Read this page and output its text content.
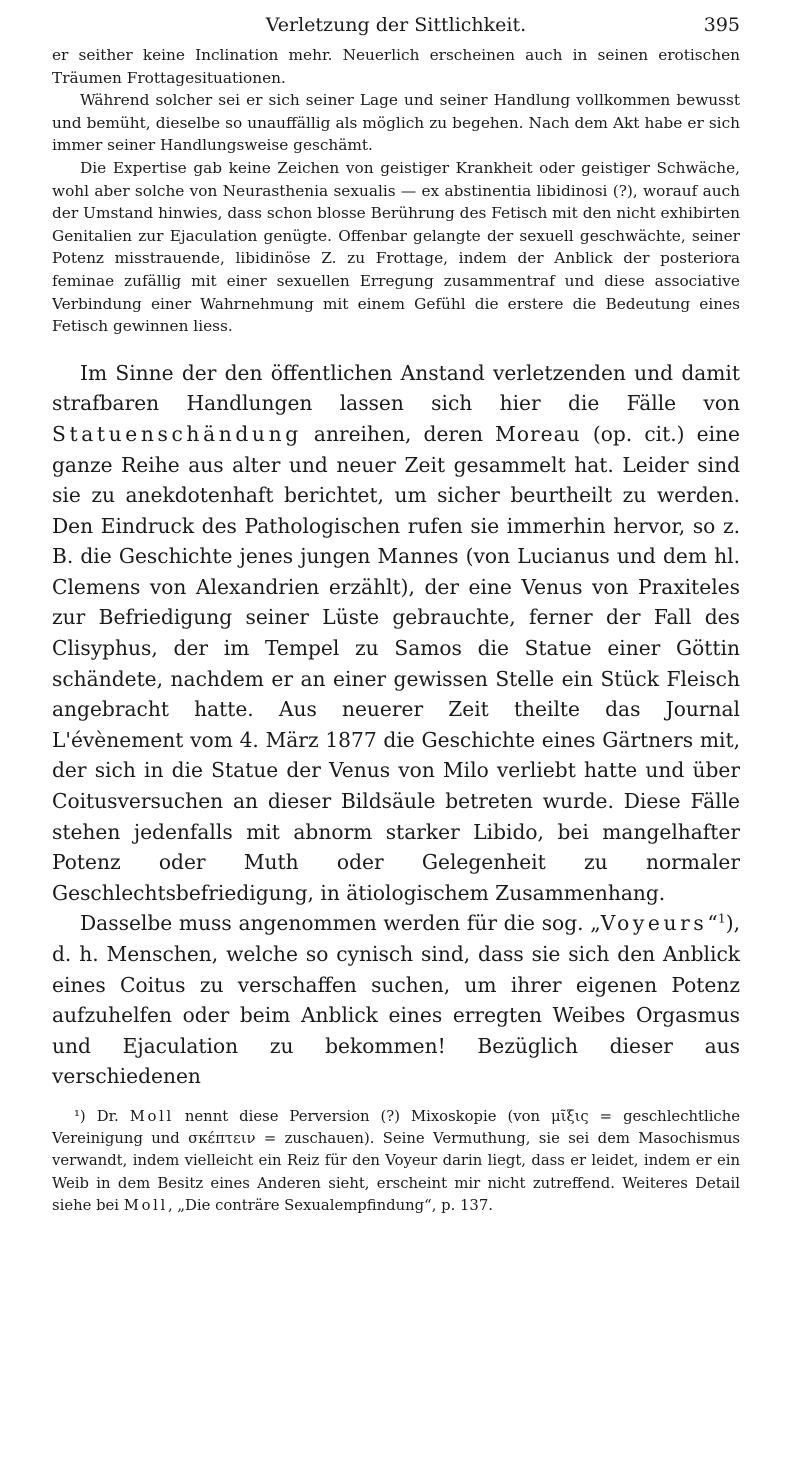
Verletzung der Sittlichkeit.	395

er seither keine Inclination mehr. Neuerlich erscheinen auch in seinen erotischen Träumen Frottagesituationen.

Während solcher sei er sich seiner Lage und seiner Handlung vollkommen bewusst und bemüht, dieselbe so unauffällig als möglich zu begehen. Nach dem Akt habe er sich immer seiner Handlungsweise geschämt.

Die Expertise gab keine Zeichen von geistiger Krankheit oder geistiger Schwäche, wohl aber solche von Neurasthenia sexualis — ex abstinentia libidinosi (?), worauf auch der Umstand hinwies, dass schon blosse Berührung des Fetisch mit den nicht exhibirten Genitalien zur Ejaculation genügte. Offenbar gelangte der sexuell geschwächte, seiner Potenz misstrauende, libidinöse Z. zu Frottage, indem der Anblick der posteriora feminae zufällig mit einer sexuellen Erregung zusammentraf und diese associative Verbindung einer Wahrnehmung mit einem Gefühl die erstere die Bedeutung eines Fetisch gewinnen liess.

Im Sinne der den öffentlichen Anstand verletzenden und damit strafbaren Handlungen lassen sich hier die Fälle von Statuenschändung anreihen, deren Moreau (op. cit.) eine ganze Reihe aus alter und neuer Zeit gesammelt hat. Leider sind sie zu anekdotenhaft berichtet, um sicher beurtheilt zu werden. Den Eindruck des Pathologischen rufen sie immerhin hervor, so z. B. die Geschichte jenes jungen Mannes (von Lucianus und dem hl. Clemens von Alexandrien erzählt), der eine Venus von Praxiteles zur Befriedigung seiner Lüste gebrauchte, ferner der Fall des Clisyphus, der im Tempel zu Samos die Statue einer Göttin schändete, nachdem er an einer gewissen Stelle ein Stück Fleisch angebracht hatte. Aus neuerer Zeit theilte das Journal L'évènement vom 4. März 1877 die Geschichte eines Gärtners mit, der sich in die Statue der Venus von Milo verliebt hatte und über Coitusversuchen an dieser Bildsäule betreten wurde. Diese Fälle stehen jedenfalls mit abnorm starker Libido, bei mangelhafter Potenz oder Muth oder Gelegenheit zu normaler Geschlechtsbefriedigung, in ätiologischem Zusammenhang.

Dasselbe muss angenommen werden für die sog. „Voyeurs“$^1$), d. h. Menschen, welche so cynisch sind, dass sie sich den Anblick eines Coitus zu verschaffen suchen, um ihrer eigenen Potenz aufzuhelfen oder beim Anblick eines erregten Weibes Orgasmus und Ejaculation zu bekommen! Bezüglich dieser aus verschiedenen

¹) Dr. Moll nennt diese Perversion (?) Mixoskopie (von μῖξις = geschlechtliche Vereinigung und σκέπτειν = zuschauen). Seine Vermuthung, sie sei dem Masochismus verwandt, indem vielleicht ein Reiz für den Voyeur darin liegt, dass er leidet, indem er ein Weib in dem Besitz eines Anderen sieht, erscheint mir nicht zutreffend. Weiteres Detail siehe bei Moll, „Die conträre Sexualempfindung“, p. 137.
